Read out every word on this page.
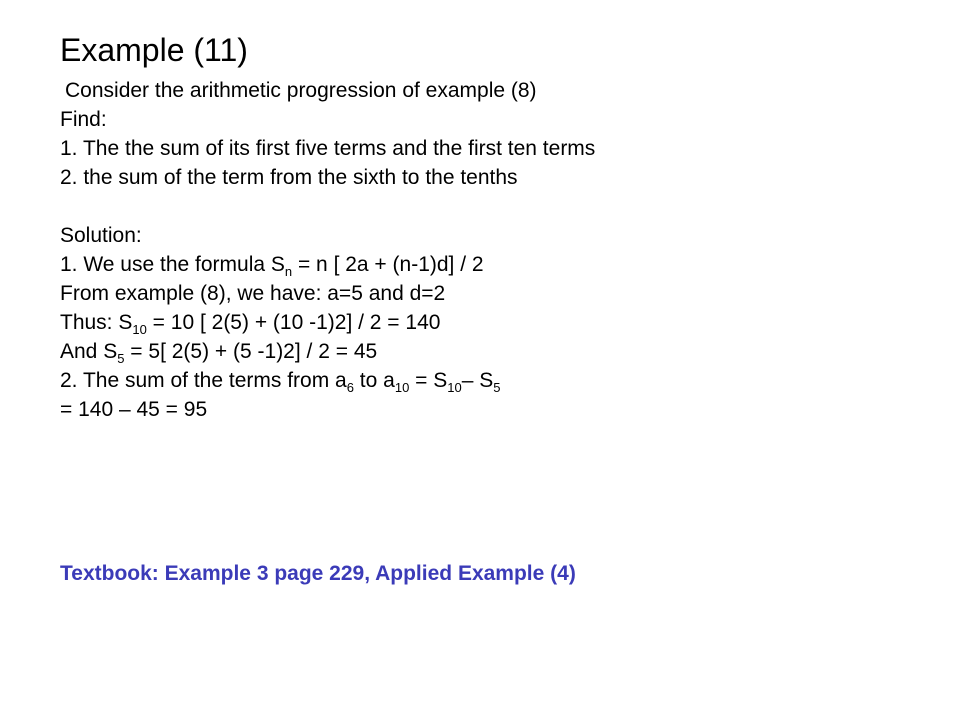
Example (11)
Consider the arithmetic progression of example (8)
Find:
1. The the sum of its first five terms and the first ten terms
2. the sum of the term from the sixth to the tenths
Solution:
1. We use the formula $S_n = n$ [ 2a + (n-1)d] / 2
From example (8), we have: a=5 and d=2
Thus: $S_{10} = 10$ [ 2(5) + (10 -1)2] / 2 = 140
And $S_5 = 5$[ 2(5) + (5 -1)2] / 2 = 45
2. The sum of the terms from $a_6$ to $a_{10} = S_{10}-$ $S_5$
= 140 – 45 = 95
Textbook: Example 3 page 229, Applied Example (4)
